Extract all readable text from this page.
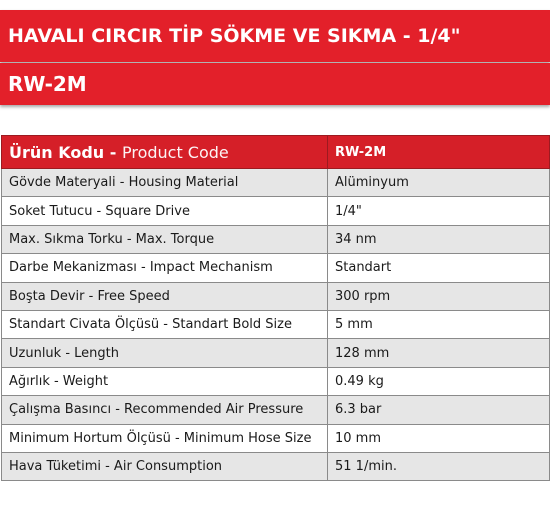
HAVALI CIRCIR TİP SÖKME VE SIKMA - 1/4"
RW-2M
Ürün Kodu - Product Code	RW-2M
Gövde Materyali - Housing Material	Alüminyum
Soket Tutucu - Square Drive	1/4"
Max. Sıkma Torku - Max. Torque	34 nm
Darbe Mekanizması - Impact Mechanism	Standart
Boşta Devir - Free Speed	300 rpm
Standart Civata Ölçüsü - Standart Bold Size	5 mm
Uzunluk - Length	128 mm
Ağırlık - Weight	0.49 kg
Çalışma Basıncı - Recommended Air Pressure	6.3 bar
Minimum Hortum Ölçüsü - Minimum Hose Size	10 mm
Hava Tüketimi - Air Consumption	51 1/min.
